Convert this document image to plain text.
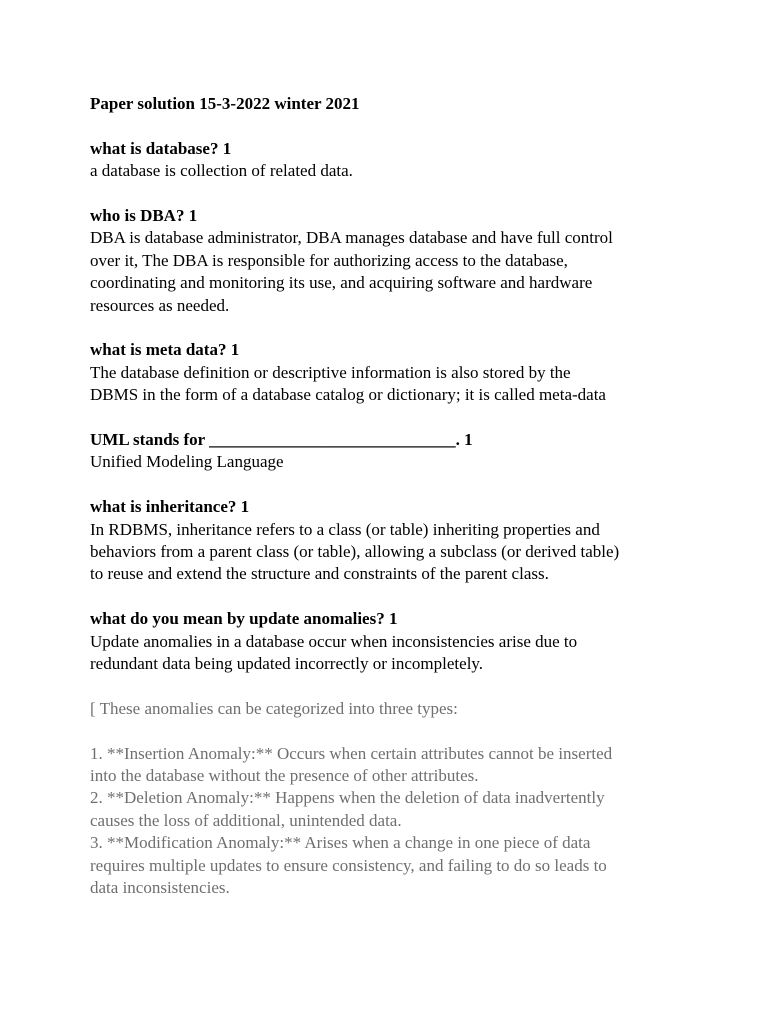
Paper solution 15-3-2022 winter 2021
what is database? 1
a database is collection of related data.
who is DBA? 1
DBA is database administrator, DBA manages database and have full control
over it, The DBA is responsible for authorizing access to the database,
coordinating and monitoring its use, and acquiring software and hardware
resources as needed.
what is meta data? 1
The database definition or descriptive information is also stored by the
DBMS in the form of a database catalog or dictionary; it is called meta-data
UML stands for _____________________________. 1
Unified Modeling Language
what is inheritance? 1
In RDBMS, inheritance refers to a class (or table) inheriting properties and
behaviors from a parent class (or table), allowing a subclass (or derived table)
to reuse and extend the structure and constraints of the parent class.
what do you mean by update anomalies? 1
Update anomalies in a database occur when inconsistencies arise due to
redundant data being updated incorrectly or incompletely.
[ These anomalies can be categorized into three types:
1. **Insertion Anomaly:** Occurs when certain attributes cannot be inserted
into the database without the presence of other attributes.
2. **Deletion Anomaly:** Happens when the deletion of data inadvertently
causes the loss of additional, unintended data.
3. **Modification Anomaly:** Arises when a change in one piece of data
requires multiple updates to ensure consistency, and failing to do so leads to
data inconsistencies.
